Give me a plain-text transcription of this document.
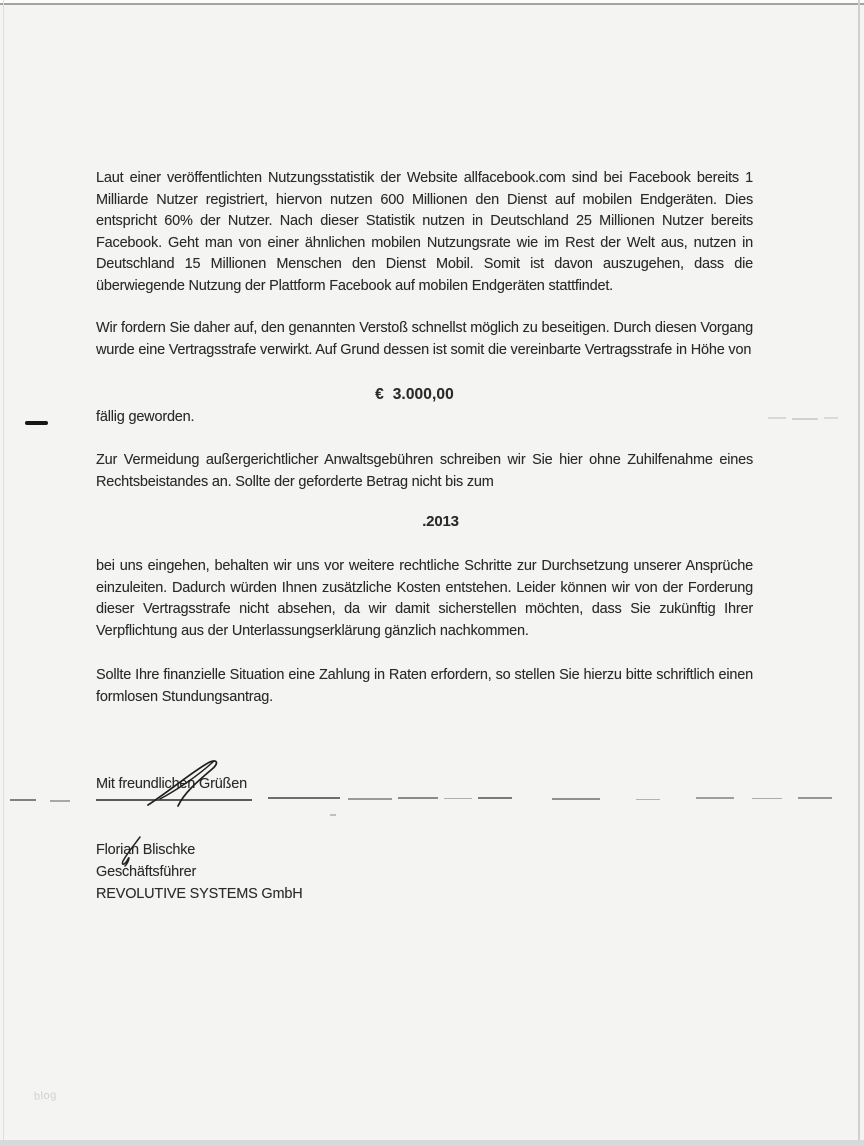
Laut einer veröffentlichten Nutzungsstatistik der Website allfacebook.com sind bei Facebook bereits 1 Milliarde Nutzer registriert, hiervon nutzen 600 Millionen den Dienst auf mobilen Endgeräten. Dies entspricht 60% der Nutzer. Nach dieser Statistik nutzen in Deutschland 25 Millionen Nutzer bereits Facebook. Geht man von einer ähnlichen mobilen Nutzungsrate wie im Rest der Welt aus, nutzen in Deutschland 15 Millionen Menschen den Dienst Mobil. Somit ist davon auszugehen, dass die überwiegende Nutzung der Plattform Facebook auf mobilen Endgeräten stattfindet.

Wir fordern Sie daher auf, den genannten Verstoß schnellst möglich zu beseitigen. Durch diesen Vorgang wurde eine Vertragsstrafe verwirkt. Auf Grund dessen ist somit die vereinbarte Vertragsstrafe in Höhe von

€  3.000,00

fällig geworden.

Zur Vermeidung außergerichtlicher Anwaltsgebühren schreiben wir Sie hier ohne Zuhilfenahme eines Rechtsbeistandes an. Sollte der geforderte Betrag nicht bis zum

.2013

bei uns eingehen, behalten wir uns vor weitere rechtliche Schritte zur Durchsetzung unserer Ansprüche einzuleiten. Dadurch würden Ihnen zusätzliche Kosten entstehen. Leider können wir von der Forderung dieser Vertragsstrafe nicht absehen, da wir damit sicherstellen möchten, dass Sie zukünftig Ihrer Verpflichtung aus der Unterlassungserklärung gänzlich nachkommen.

Sollte Ihre finanzielle Situation eine Zahlung in Raten erfordern, so stellen Sie hierzu bitte schriftlich einen formlosen Stundungsantrag.

Mit freundlichen Grüßen

Florian Blischke

Geschäftsführer

REVOLUTIVE SYSTEMS GmbH

blog
